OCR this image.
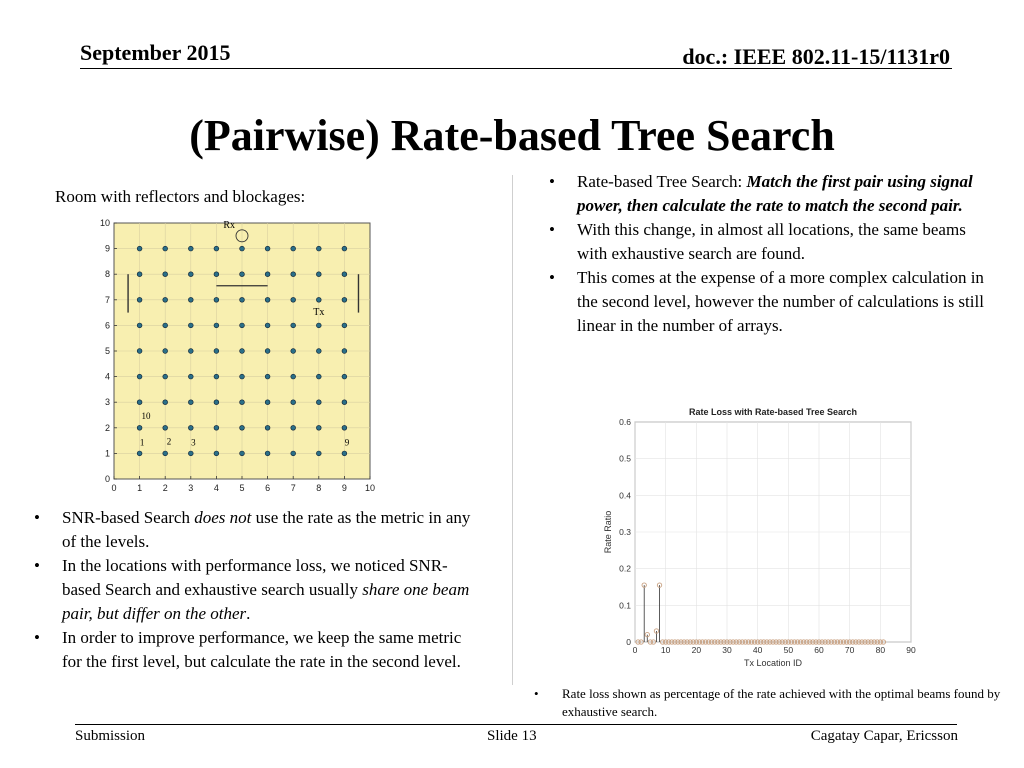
September 2015	doc.: IEEE 802.11-15/1131r0
(Pairwise) Rate-based Tree Search
Room with reflectors and blockages:
0 1 2 3 4 5 6 7 8 9 10
0
1
2
3
4
5
6
7
8
9
10	Rx
Tx
1 2 3	9
10
• Rate-based Tree Search: Match the first pair using signal power, then calculate the rate to match the second pair.
• With this change, in almost all locations, the same beams with exhaustive search are found.
• This comes at the expense of a more complex calculation in the second level, however the number of calculations is still linear in the number of arrays.
Rate Loss with Rate-based Tree Search
0	10 20 30 40 50 60 70 80 90
0
0.1
0.2
0.3
0.4
0.5
0.6
Tx Location ID
Rate Ratio
• SNR-based Search does not use the rate as the metric in any of the levels.
• In the locations with performance loss, we noticed SNR-based Search and exhaustive search usually share one beam pair, but differ on the other.
• In order to improve performance, we keep the same metric for the first level, but calculate the rate in the second level.
• Rate loss shown as percentage of the rate achieved with the optimal beams found by exhaustive search.
Submission	Slide 13	Cagatay Capar, Ericsson
